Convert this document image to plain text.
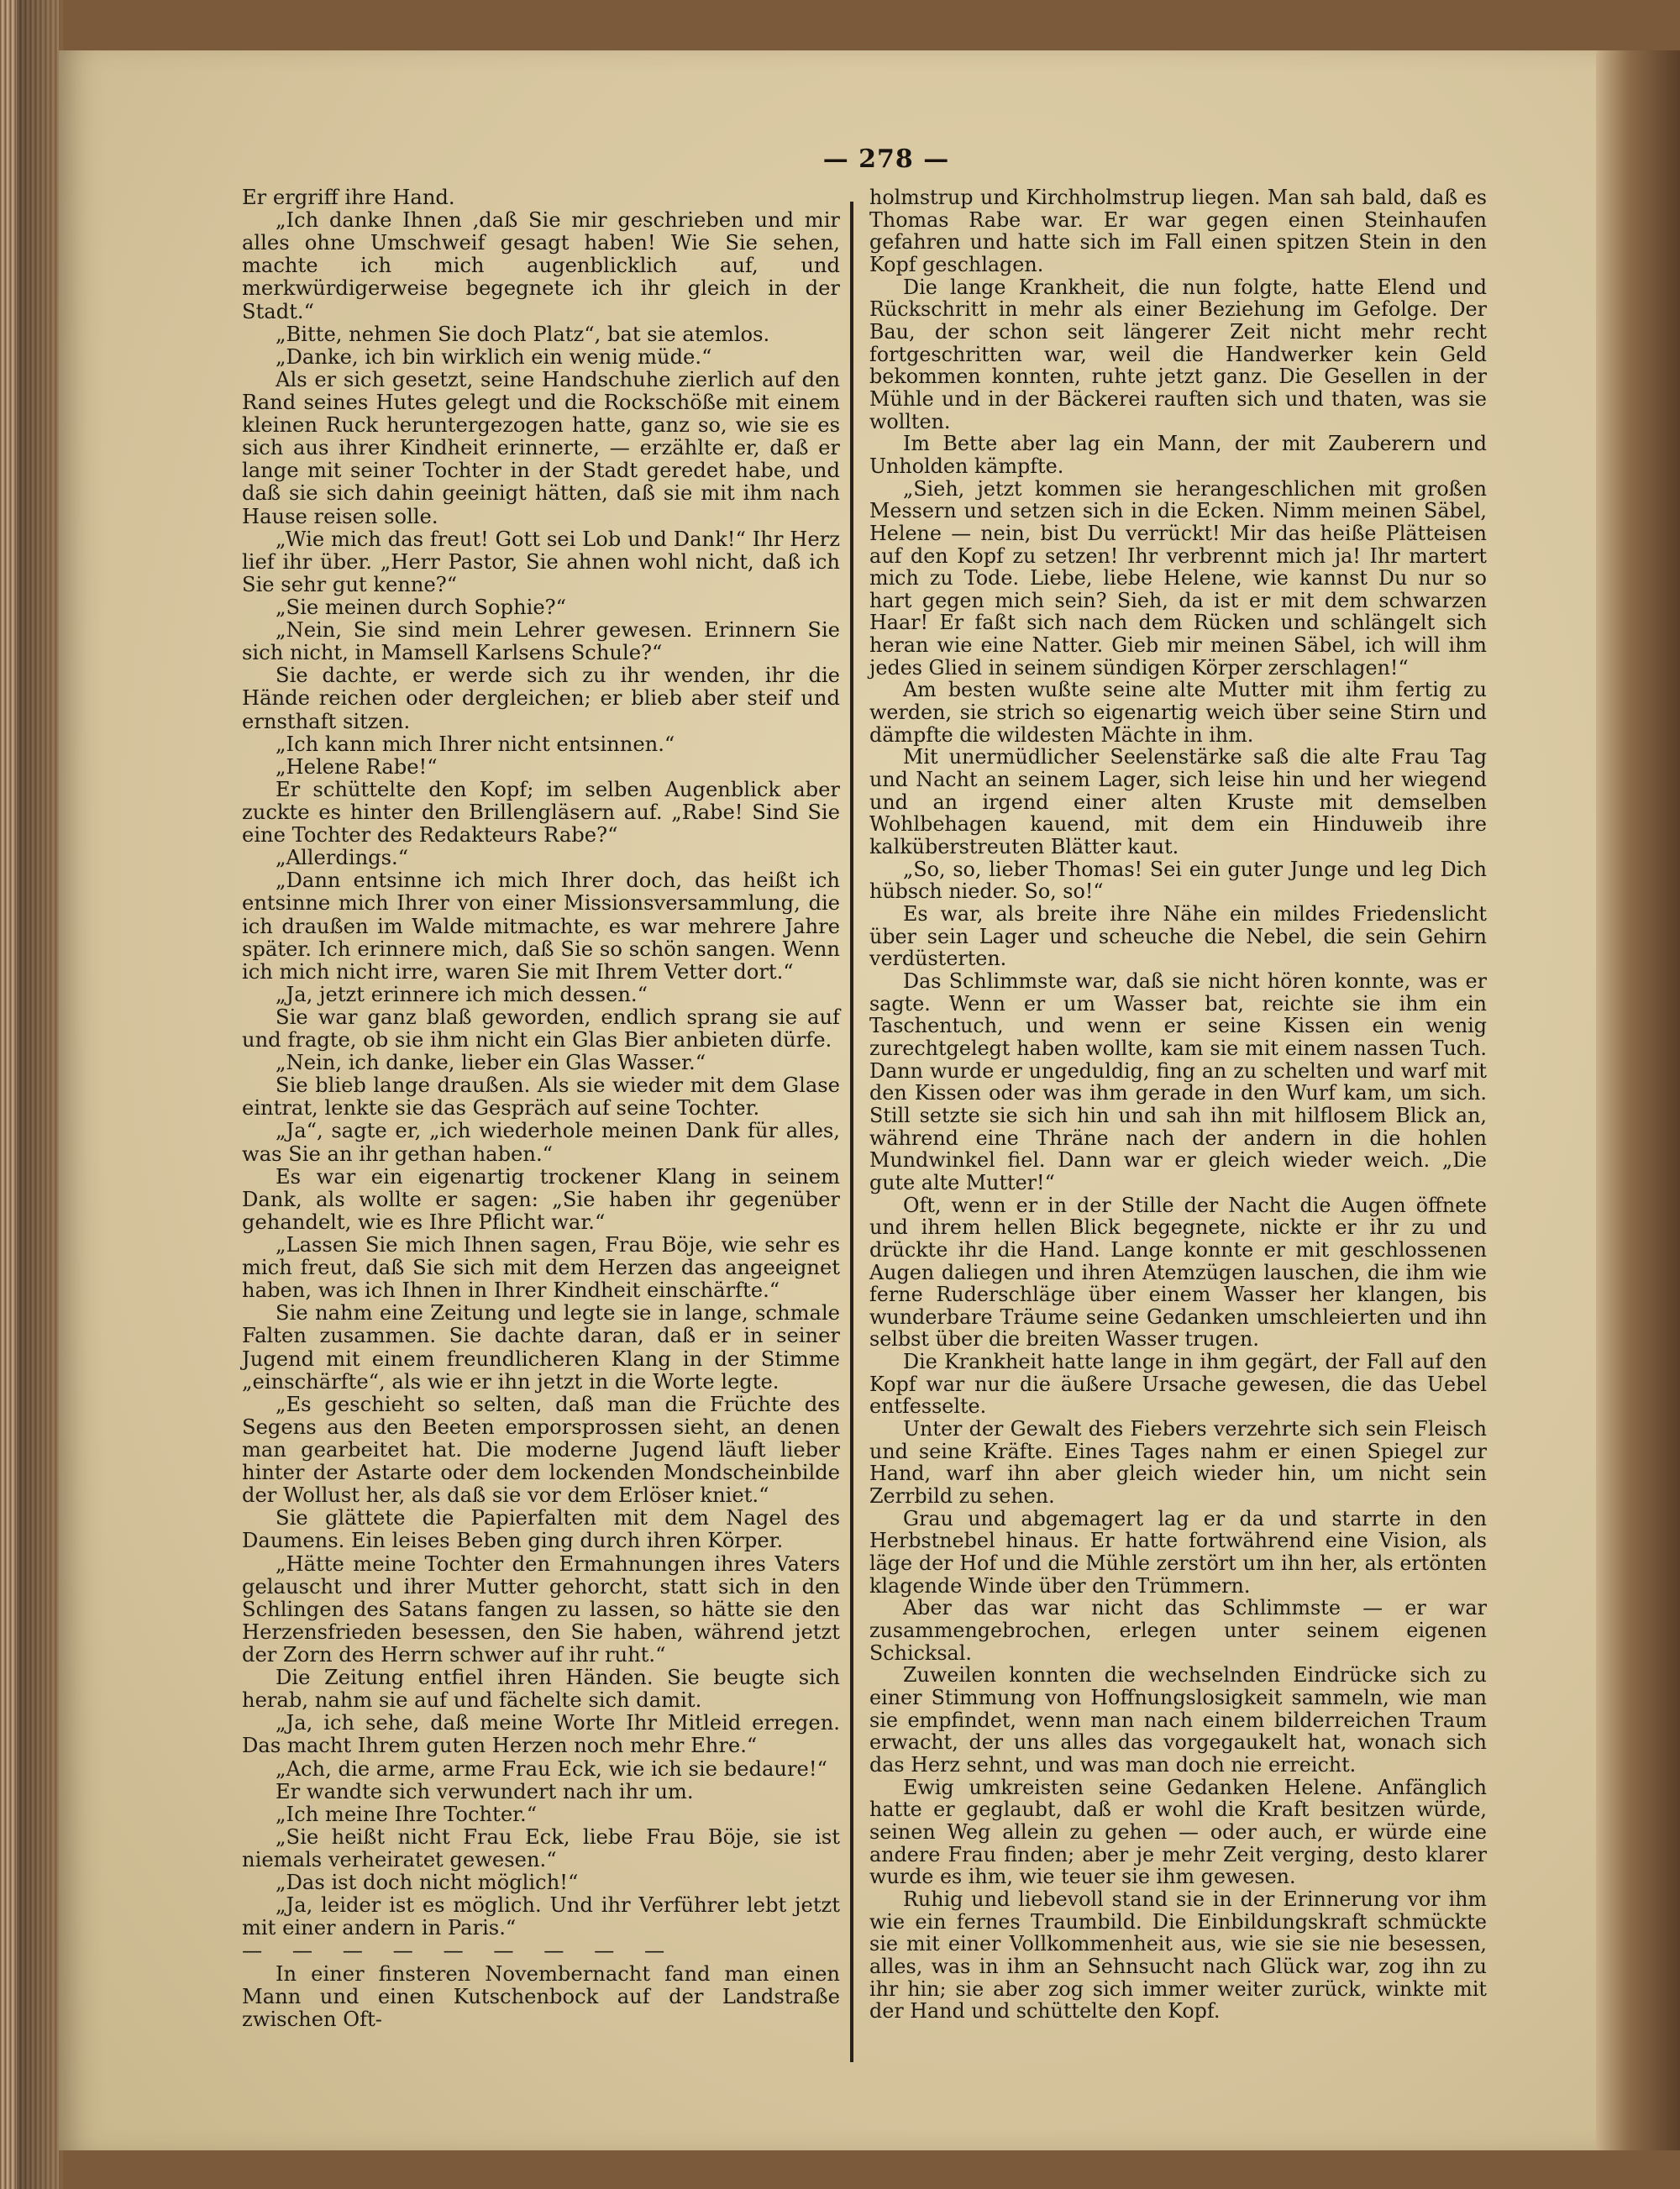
— 278 —

Er ergriff ihre Hand.

„Ich danke Ihnen ‚daß Sie mir geschrieben und mir alles ohne Umschweif gesagt haben! Wie Sie sehen, machte ich mich augenblicklich auf, und merkwürdigerweise begegnete ich ihr gleich in der Stadt.“

„Bitte, nehmen Sie doch Platz“, bat sie atemlos.

„Danke, ich bin wirklich ein wenig müde.“

Als er sich gesetzt, seine Handschuhe zierlich auf den Rand seines Hutes gelegt und die Rockschöße mit einem kleinen Ruck heruntergezogen hatte, ganz so, wie sie es sich aus ihrer Kindheit erinnerte, — erzählte er, daß er lange mit seiner Tochter in der Stadt geredet habe, und daß sie sich dahin geeinigt hätten, daß sie mit ihm nach Hause reisen solle.

„Wie mich das freut! Gott sei Lob und Dank!“ Ihr Herz lief ihr über. „Herr Pastor, Sie ahnen wohl nicht, daß ich Sie sehr gut kenne?“

„Sie meinen durch Sophie?“

„Nein, Sie sind mein Lehrer gewesen. Erinnern Sie sich nicht, in Mamsell Karlsens Schule?“

Sie dachte, er werde sich zu ihr wenden, ihr die Hände reichen oder dergleichen; er blieb aber steif und ernsthaft sitzen.

„Ich kann mich Ihrer nicht entsinnen.“

„Helene Rabe!“

Er schüttelte den Kopf; im selben Augenblick aber zuckte es hinter den Brillengläsern auf. „Rabe! Sind Sie eine Tochter des Redakteurs Rabe?“

„Allerdings.“

„Dann entsinne ich mich Ihrer doch, das heißt ich entsinne mich Ihrer von einer Missionsversammlung, die ich draußen im Walde mitmachte, es war mehrere Jahre später. Ich erinnere mich, daß Sie so schön sangen. Wenn ich mich nicht irre, waren Sie mit Ihrem Vetter dort.“

„Ja, jetzt erinnere ich mich dessen.“

Sie war ganz blaß geworden, endlich sprang sie auf und fragte, ob sie ihm nicht ein Glas Bier anbieten dürfe.

„Nein, ich danke, lieber ein Glas Wasser.“

Sie blieb lange draußen. Als sie wieder mit dem Glase eintrat, lenkte sie das Gespräch auf seine Tochter.

„Ja“, sagte er, „ich wiederhole meinen Dank für alles, was Sie an ihr gethan haben.“

Es war ein eigenartig trockener Klang in seinem Dank, als wollte er sagen: „Sie haben ihr gegenüber gehandelt, wie es Ihre Pflicht war.“

„Lassen Sie mich Ihnen sagen, Frau Böje, wie sehr es mich freut, daß Sie sich mit dem Herzen das angeeignet haben, was ich Ihnen in Ihrer Kindheit einschärfte.“

Sie nahm eine Zeitung und legte sie in lange, schmale Falten zusammen. Sie dachte daran, daß er in seiner Jugend mit einem freundlicheren Klang in der Stimme „einschärfte“, als wie er ihn jetzt in die Worte legte.

„Es geschieht so selten, daß man die Früchte des Segens aus den Beeten emporsprossen sieht, an denen man gearbeitet hat. Die moderne Jugend läuft lieber hinter der Astarte oder dem lockenden Mondscheinbilde der Wollust her, als daß sie vor dem Erlöser kniet.“

Sie glättete die Papierfalten mit dem Nagel des Daumens. Ein leises Beben ging durch ihren Körper.

„Hätte meine Tochter den Ermahnungen ihres Vaters gelauscht und ihrer Mutter gehorcht, statt sich in den Schlingen des Satans fangen zu lassen, so hätte sie den Herzensfrieden besessen, den Sie haben, während jetzt der Zorn des Herrn schwer auf ihr ruht.“

Die Zeitung entfiel ihren Händen. Sie beugte sich herab, nahm sie auf und fächelte sich damit.

„Ja, ich sehe, daß meine Worte Ihr Mitleid erregen. Das macht Ihrem guten Herzen noch mehr Ehre.“

„Ach, die arme, arme Frau Eck, wie ich sie bedaure!“

Er wandte sich verwundert nach ihr um.

„Ich meine Ihre Tochter.“

„Sie heißt nicht Frau Eck, liebe Frau Böje, sie ist niemals verheiratet gewesen.“

„Das ist doch nicht möglich!“

„Ja, leider ist es möglich. Und ihr Verführer lebt jetzt mit einer andern in Paris.“

— — — — — — — — —

In einer finsteren Novembernacht fand man einen Mann und einen Kutschenbock auf der Landstraße zwischen Oft-

holmstrup und Kirchholmstrup liegen. Man sah bald, daß es Thomas Rabe war. Er war gegen einen Steinhaufen gefahren und hatte sich im Fall einen spitzen Stein in den Kopf geschlagen.

Die lange Krankheit, die nun folgte, hatte Elend und Rückschritt in mehr als einer Beziehung im Gefolge. Der Bau, der schon seit längerer Zeit nicht mehr recht fortgeschritten war, weil die Handwerker kein Geld bekommen konnten, ruhte jetzt ganz. Die Gesellen in der Mühle und in der Bäckerei rauften sich und thaten, was sie wollten.

Im Bette aber lag ein Mann, der mit Zauberern und Unholden kämpfte.

„Sieh, jetzt kommen sie herangeschlichen mit großen Messern und setzen sich in die Ecken. Nimm meinen Säbel, Helene — nein, bist Du verrückt! Mir das heiße Plätteisen auf den Kopf zu setzen! Ihr verbrennt mich ja! Ihr martert mich zu Tode. Liebe, liebe Helene, wie kannst Du nur so hart gegen mich sein? Sieh, da ist er mit dem schwarzen Haar! Er faßt sich nach dem Rücken und schlängelt sich heran wie eine Natter. Gieb mir meinen Säbel, ich will ihm jedes Glied in seinem sündigen Körper zerschlagen!“

Am besten wußte seine alte Mutter mit ihm fertig zu werden, sie strich so eigenartig weich über seine Stirn und dämpfte die wildesten Mächte in ihm.

Mit unermüdlicher Seelenstärke saß die alte Frau Tag und Nacht an seinem Lager, sich leise hin und her wiegend und an irgend einer alten Kruste mit demselben Wohlbehagen kauend, mit dem ein Hinduweib ihre kalküberstreuten Blätter kaut.

„So, so, lieber Thomas! Sei ein guter Junge und leg Dich hübsch nieder. So, so!“

Es war, als breite ihre Nähe ein mildes Friedenslicht über sein Lager und scheuche die Nebel, die sein Gehirn verdüsterten.

Das Schlimmste war, daß sie nicht hören konnte, was er sagte. Wenn er um Wasser bat, reichte sie ihm ein Taschentuch, und wenn er seine Kissen ein wenig zurechtgelegt haben wollte, kam sie mit einem nassen Tuch. Dann wurde er ungeduldig, fing an zu schelten und warf mit den Kissen oder was ihm gerade in den Wurf kam, um sich. Still setzte sie sich hin und sah ihn mit hilflosem Blick an, während eine Thräne nach der andern in die hohlen Mundwinkel fiel. Dann war er gleich wieder weich. „Die gute alte Mutter!“

Oft, wenn er in der Stille der Nacht die Augen öffnete und ihrem hellen Blick begegnete, nickte er ihr zu und drückte ihr die Hand. Lange konnte er mit geschlossenen Augen daliegen und ihren Atemzügen lauschen, die ihm wie ferne Ruderschläge über einem Wasser her klangen, bis wunderbare Träume seine Gedanken umschleierten und ihn selbst über die breiten Wasser trugen.

Die Krankheit hatte lange in ihm gegärt, der Fall auf den Kopf war nur die äußere Ursache gewesen, die das Uebel entfesselte.

Unter der Gewalt des Fiebers verzehrte sich sein Fleisch und seine Kräfte. Eines Tages nahm er einen Spiegel zur Hand, warf ihn aber gleich wieder hin, um nicht sein Zerrbild zu sehen.

Grau und abgemagert lag er da und starrte in den Herbstnebel hinaus. Er hatte fortwährend eine Vision, als läge der Hof und die Mühle zerstört um ihn her, als ertönten klagende Winde über den Trümmern.

Aber das war nicht das Schlimmste — er war zusammengebrochen, erlegen unter seinem eigenen Schicksal.

Zuweilen konnten die wechselnden Eindrücke sich zu einer Stimmung von Hoffnungslosigkeit sammeln, wie man sie empfindet, wenn man nach einem bilderreichen Traum erwacht, der uns alles das vorgegaukelt hat, wonach sich das Herz sehnt, und was man doch nie erreicht.

Ewig umkreisten seine Gedanken Helene. Anfänglich hatte er geglaubt, daß er wohl die Kraft besitzen würde, seinen Weg allein zu gehen — oder auch, er würde eine andere Frau finden; aber je mehr Zeit verging, desto klarer wurde es ihm, wie teuer sie ihm gewesen.

Ruhig und liebevoll stand sie in der Erinnerung vor ihm wie ein fernes Traumbild. Die Einbildungskraft schmückte sie mit einer Vollkommenheit aus, wie sie sie nie besessen, alles, was in ihm an Sehnsucht nach Glück war, zog ihn zu ihr hin; sie aber zog sich immer weiter zurück, winkte mit der Hand und schüttelte den Kopf.
